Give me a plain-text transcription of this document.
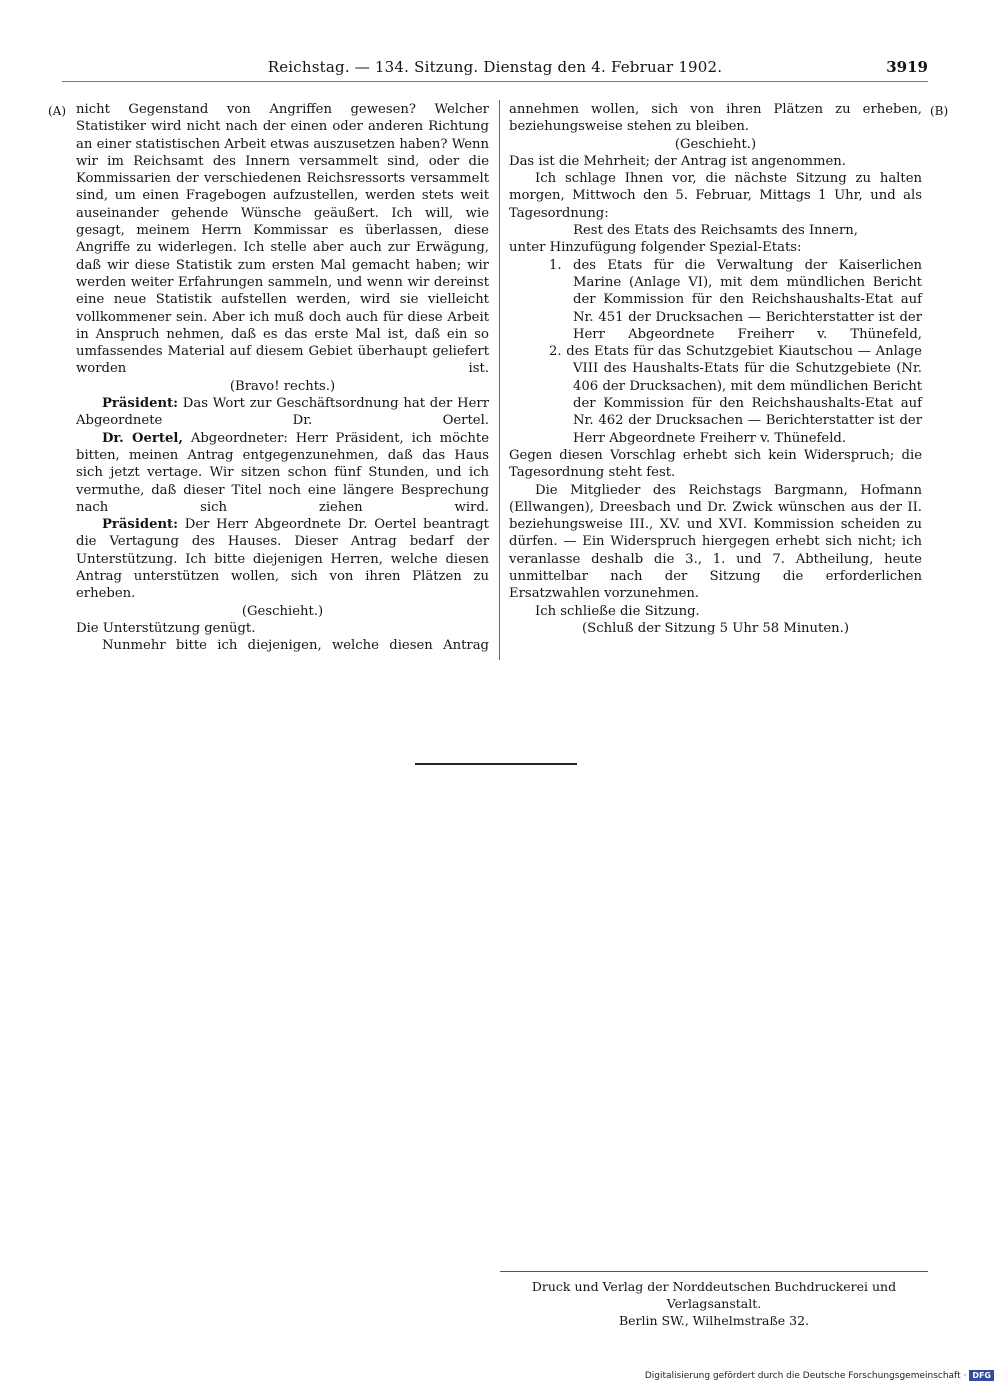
Reichstag. — 134. Sitzung. Dienstag den 4. Februar 1902.	3919
(A)	(B)

nicht Gegenstand von Angriffen gewesen? Welcher Statistiker wird nicht nach der einen oder anderen Richtung an einer statistischen Arbeit etwas auszusetzen haben? Wenn wir im Reichsamt des Innern versammelt sind, oder die Kommissarien der verschiedenen Reichsressorts versammelt sind, um einen Fragebogen aufzustellen, werden stets weit auseinander gehende Wünsche geäußert. Ich will, wie gesagt, meinem Herrn Kommissar es überlassen, diese Angriffe zu widerlegen. Ich stelle aber auch zur Erwägung, daß wir diese Statistik zum ersten Mal gemacht haben; wir werden weiter Erfahrungen sammeln, und wenn wir dereinst eine neue Statistik aufstellen werden, wird sie vielleicht vollkommener sein. Aber ich muß doch auch für diese Arbeit in Anspruch nehmen, daß es das erste Mal ist, daß ein so umfassendes Material auf diesem Gebiet überhaupt geliefert worden ist.

(Bravo! rechts.)

Präsident: Das Wort zur Geschäftsordnung hat der Herr Abgeordnete Dr. Oertel.

Dr. Oertel, Abgeordneter: Herr Präsident, ich möchte bitten, meinen Antrag entgegenzunehmen, daß das Haus sich jetzt vertage. Wir sitzen schon fünf Stunden, und ich vermuthe, daß dieser Titel noch eine längere Besprechung nach sich ziehen wird.

Präsident: Der Herr Abgeordnete Dr. Oertel beantragt die Vertagung des Hauses. Dieser Antrag bedarf der Unterstützung. Ich bitte diejenigen Herren, welche diesen Antrag unterstützen wollen, sich von ihren Plätzen zu erheben.

(Geschieht.)

Die Unterstützung genügt.

Nunmehr bitte ich diejenigen, welche diesen Antrag

annehmen wollen, sich von ihren Plätzen zu erheben, beziehungsweise stehen zu bleiben.

(Geschieht.)

Das ist die Mehrheit; der Antrag ist angenommen.

Ich schlage Ihnen vor, die nächste Sitzung zu halten morgen, Mittwoch den 5. Februar, Mittags 1 Uhr, und als Tagesordnung:

Rest des Etats des Reichsamts des Innern,

unter Hinzufügung folgender Spezial-Etats:

1. des Etats für die Verwaltung der Kaiserlichen Marine (Anlage VI), mit dem mündlichen Bericht der Kommission für den Reichshaushalts-Etat auf Nr. 451 der Drucksachen — Berichterstatter ist der Herr Abgeordnete Freiherr v. Thünefeld,

2. des Etats für das Schutzgebiet Kiautschou — Anlage VIII des Haushalts-Etats für die Schutzgebiete (Nr. 406 der Drucksachen), mit dem mündlichen Bericht der Kommission für den Reichshaushalts-Etat auf Nr. 462 der Drucksachen — Berichterstatter ist der Herr Abgeordnete Freiherr v. Thünefeld.

Gegen diesen Vorschlag erhebt sich kein Widerspruch; die Tagesordnung steht fest.

Die Mitglieder des Reichstags Bargmann, Hofmann (Ellwangen), Dreesbach und Dr. Zwick wünschen aus der II. beziehungsweise III., XV. und XVI. Kommission scheiden zu dürfen. — Ein Widerspruch hiergegen erhebt sich nicht; ich veranlasse deshalb die 3., 1. und 7. Abtheilung, heute unmittelbar nach der Sitzung die erforderlichen Ersatzwahlen vorzunehmen.

Ich schließe die Sitzung.

(Schluß der Sitzung 5 Uhr 58 Minuten.)

Druck und Verlag der Norddeutschen Buchdruckerei und Verlagsanstalt.
Berlin SW., Wilhelmstraße 32.
Digitalisierung gefördert durch die Deutsche Forschungsgemeinschaft · DFG
